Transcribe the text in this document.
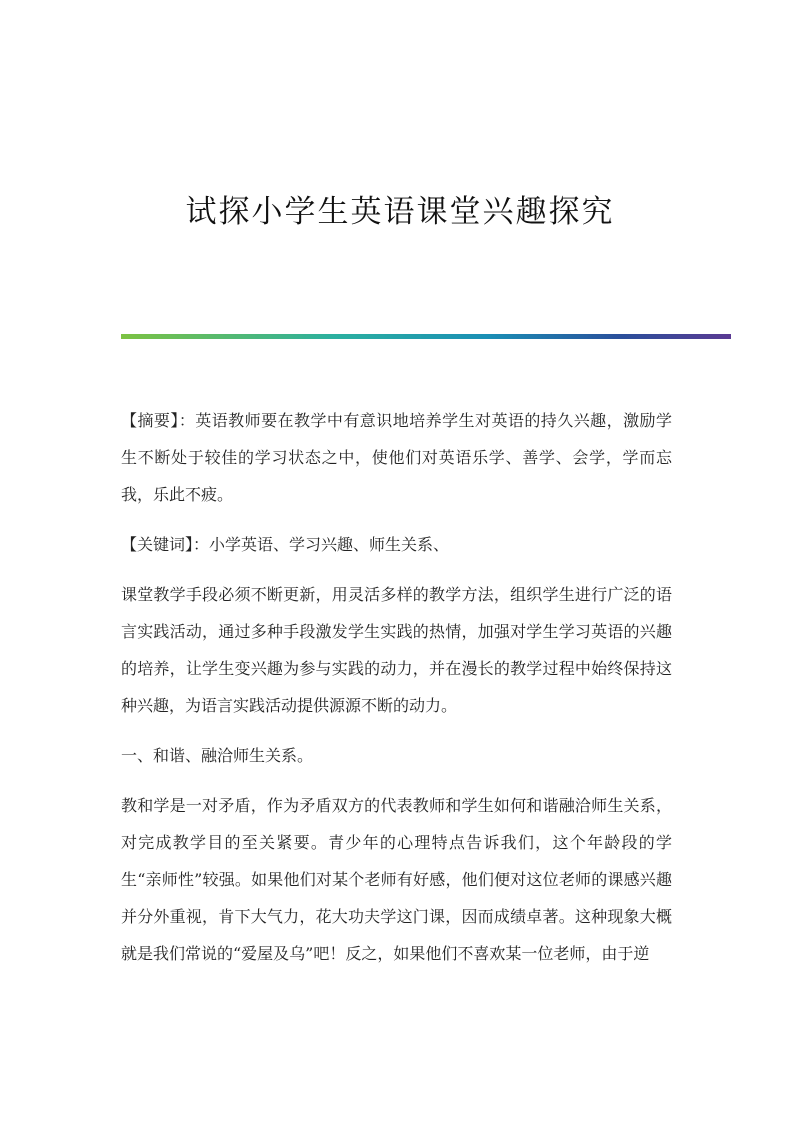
试探小学生英语课堂兴趣探究

【摘要】：英语教师要在教学中有意识地培养学生对英语的持久兴趣，激励学生不断处于较佳的学习状态之中，使他们对英语乐学、善学、会学，学而忘我，乐此不疲。

【关键词】：小学英语、学习兴趣、师生关系、

课堂教学手段必须不断更新，用灵活多样的教学方法，组织学生进行广泛的语言实践活动，通过多种手段激发学生实践的热情，加强对学生学习英语的兴趣的培养，让学生变兴趣为参与实践的动力，并在漫长的教学过程中始终保持这种兴趣，为语言实践活动提供源源不断的动力。

一、和谐、融洽师生关系。

教和学是一对矛盾，作为矛盾双方的代表教师和学生如何和谐融洽师生关系，对完成教学目的至关紧要。青少年的心理特点告诉我们，这个年龄段的学生“亲师性”较强。如果他们对某个老师有好感，他们便对这位老师的课感兴趣并分外重视，肯下大气力，花大功夫学这门课，因而成绩卓著。这种现象大概就是我们常说的“爱屋及乌”吧！反之，如果他们不喜欢某一位老师，由于逆
